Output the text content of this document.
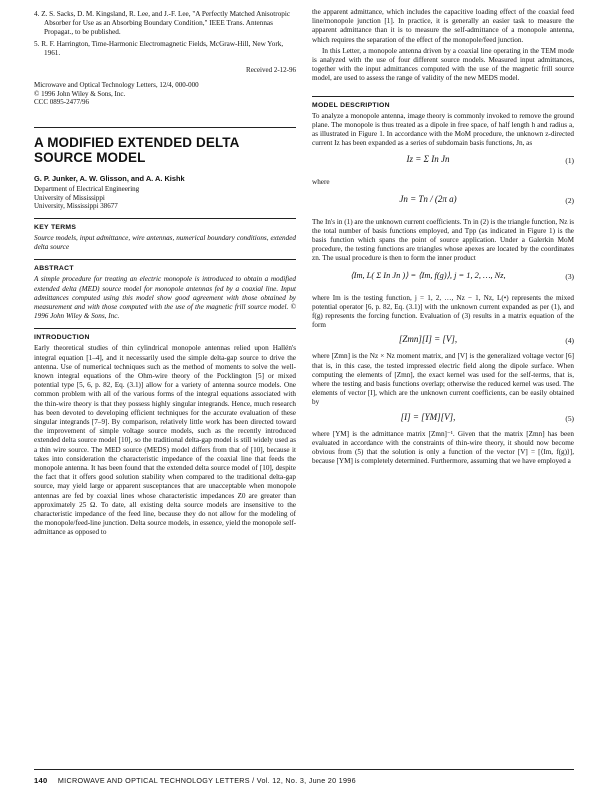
4. Z. S. Sacks, D. M. Kingsland, R. Lee, and J.-F. Lee, "A Perfectly Matched Anisotropic Absorber for Use as an Absorbing Boundary Condition," IEEE Trans. Antennas Propagat., to be published.

5. R. F. Harrington, Time-Harmonic Electromagnetic Fields, McGraw-Hill, New York, 1961.

Received 2-12-96

Microwave and Optical Technology Letters, 12/4, 000-000

© 1996 John Wiley & Sons, Inc.

CCC 0895-2477/96

A MODIFIED EXTENDED DELTA SOURCE MODEL

G. P. Junker, A. W. Glisson, and A. A. Kishk

Department of Electrical Engineering

University of Mississippi

University, Mississippi 38677

KEY TERMS

Source models, input admittance, wire antennas, numerical boundary conditions, extended delta source

ABSTRACT

A simple procedure for treating an electric monopole is introduced to obtain a modified extended delta (MED) source model for monopole antennas fed by a coaxial line. Input admittances computed using this model show good agreement with those obtained by measurement and with those computed with the use of the magnetic frill source model. © 1996 John Wiley & Sons, Inc.

INTRODUCTION

Early theoretical studies of thin cylindrical monopole antennas relied upon Hallén's integral equation [1–4], and it necessarily used the simple delta-gap source to drive the antenna. Use of numerical techniques such as the method of moments to solve the well-known integral equations of the Ohm-wire theory of the Pocklington [5] or mixed potential type [5, 6, p. 82, Eq. (3.1)] allow for a variety of antenna source models. One common problem with all of the various forms of the integral equations associated with the thin-wire theory is that they possess highly singular integrands. Hence, much research has been devoted to developing efficient techniques for the accurate evaluation of these singular integrands [7–9]. By comparison, relatively little work has been directed toward the improvement of simple voltage source models, such as the recently introduced extended delta source model [10], so the traditional delta-gap model is still widely used as a thin wire source. The MED source (MEDS) model differs from that of [10], because it takes into consideration the characteristic impedance of the coaxial line that feeds the monopole antenna. It has been found that the extended delta source model of [10], despite the fact that it offers good solution stability when compared to the traditional delta-gap source, may yield large or apparent susceptances that are unacceptable when monopole antennas are fed by coaxial lines whose characteristic impedances Z0 are greater than approximately 25 Ω. To date, all existing delta source models are insensitive to the characteristic impedance of the feed line, because they do not allow for the modeling of the monopole/feed-line junction. Delta source models, in essence, yield the monopole self-admittance as opposed to

the apparent admittance, which includes the capacitive loading effect of the coaxial feed line/monopole junction [1]. In practice, it is generally an easier task to measure the apparent admittance than it is to measure the self-admittance of a monopole antenna, which requires the separation of the effect of the monopole/feed junction.

In this Letter, a monopole antenna driven by a coaxial line operating in the TEM mode is analyzed with the use of four different source models. Measured input admittances, together with the input admittances computed with the use of the magnetic frill source model, are used to assess the range of validity of the new MEDS model.

MODEL DESCRIPTION

To analyze a monopole antenna, image theory is commonly invoked to remove the ground plane. The monopole is thus treated as a dipole in free space, of half length h and radius a, as illustrated in Figure 1. In accordance with the MoM procedure, the unknown z-directed current Iz has been expanded as a series of subdomain basis functions, Jn, as

Iz = Σ In Jn	(1)

where

Jn = Tn / (2π a)	(2)

The In's in (1) are the unknown current coefficients. Tn in (2) is the triangle function, Nz is the total number of basis functions employed, and Tpp (as indicated in Figure 1) is the basis function which spans the point of source application. Under a Galerkin MoM procedure, the testing functions are triangles whose apexes are located by the coordinates zn. The usual procedure is then to form the inner product

⟨Im, L( Σ In Jn )⟩ = ⟨Im, f(g)⟩, j = 1, 2, …, Nz,	(3)

where Im is the testing function, j = 1, 2, …, Nz − 1, Nz, L(•) represents the mixed potential operator [6, p. 82, Eq. (3.1)] with the unknown current expanded as per (1), and f(g) represents the forcing function. Evaluation of (3) results in a matrix equation of the form

[Zmn][I] = [V],	(4)

where [Zmn] is the Nz × Nz moment matrix, and [V] is the generalized voltage vector [6] that is, in this case, the tested impressed electric field along the dipole surface. When computing the elements of [Zmn], the exact kernel was used for the self-terms, that is, where the testing and basis functions overlap; otherwise the reduced kernel was used. The elements of vector [I], which are the unknown current coefficients, can be easily obtained by

[I] = [YM][V],	(5)

where [YM] is the admittance matrix [Zmn]⁻¹. Given that the matrix [Zmn] has been evaluated in accordance with the constraints of thin-wire theory, it should now become obvious from (5) that the solution is only a function of the vector [V] = [⟨Im, f(g)⟩], because [YM] is completely determined. Furthermore, assuming that we have employed a

140 MICROWAVE AND OPTICAL TECHNOLOGY LETTERS / Vol. 12, No. 3, June 20 1996
